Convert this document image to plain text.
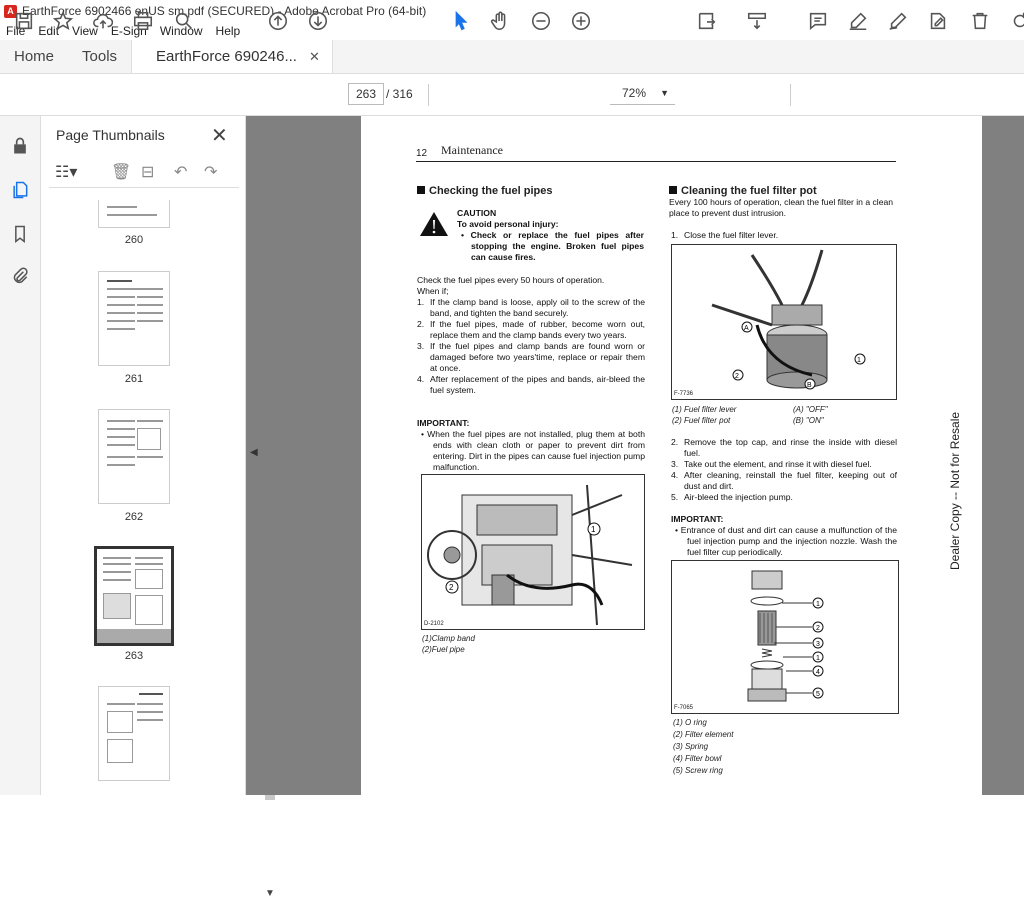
A EarthForce 6902466 enUS sm.pdf (SECURED) - Adobe Acrobat Pro (64-bit)
File Edit View E-Sign Window Help
Home	Tools	EarthForce 690246... ✕
263 / 316	72% ▼
Page Thumbnails ✕
☷▾ 🗑 ⊟ ↶ ↷
260
261
262
263
▼
◀
12 Maintenance
Checking the fuel pipes
CAUTION
To avoid personal injury:
• Check or replace the fuel pipes after stopping the engine. Broken fuel pipes can cause fires.
Check the fuel pipes every 50 hours of operation.
When if;
1. If the clamp band is loose, apply oil to the screw of the band, and tighten the band securely.
2. If the fuel pipes, made of rubber, become worn out, replace them and the clamp bands every two years.
3. If the fuel pipes and clamp bands are found worn or damaged before two years'time, replace or repair them at once.
4. After replacement of the pipes and bands, air-bleed the fuel system.
IMPORTANT:
• When the fuel pipes are not installed, plug them at both ends with clean cloth or paper to prevent dirt from entering. Dirt in the pipes can cause fuel injection pump malfunction.
2
1
D-2102
(1)Clamp band
(2)Fuel pipe
Cleaning the fuel filter pot
Every 100 hours of operation, clean the fuel filter in a clean place to prevent dust intrusion.
1. Close the fuel filter lever.
A
2
1
B
F-7736
(1) Fuel filter lever	(A) "OFF"
(2) Fuel filter pot	(B) "ON"
2. Remove the top cap, and rinse the inside with diesel fuel.
3. Take out the element, and rinse it with diesel fuel.
4. After cleaning, reinstall the fuel filter, keeping out of dust and dirt.
5. Air-bleed the injection pump.
IMPORTANT:
• Entrance of dust and dirt can cause a mulfunction of the fuel injection pump and the injection nozzle. Wash the fuel filter cup periodically.
1
2
3
1
4
5
F-7065
(1) O ring
(2) Filter element
(3) Spring
(4) Filter bowl
(5) Screw ring
Dealer Copy -- Not for Resale
